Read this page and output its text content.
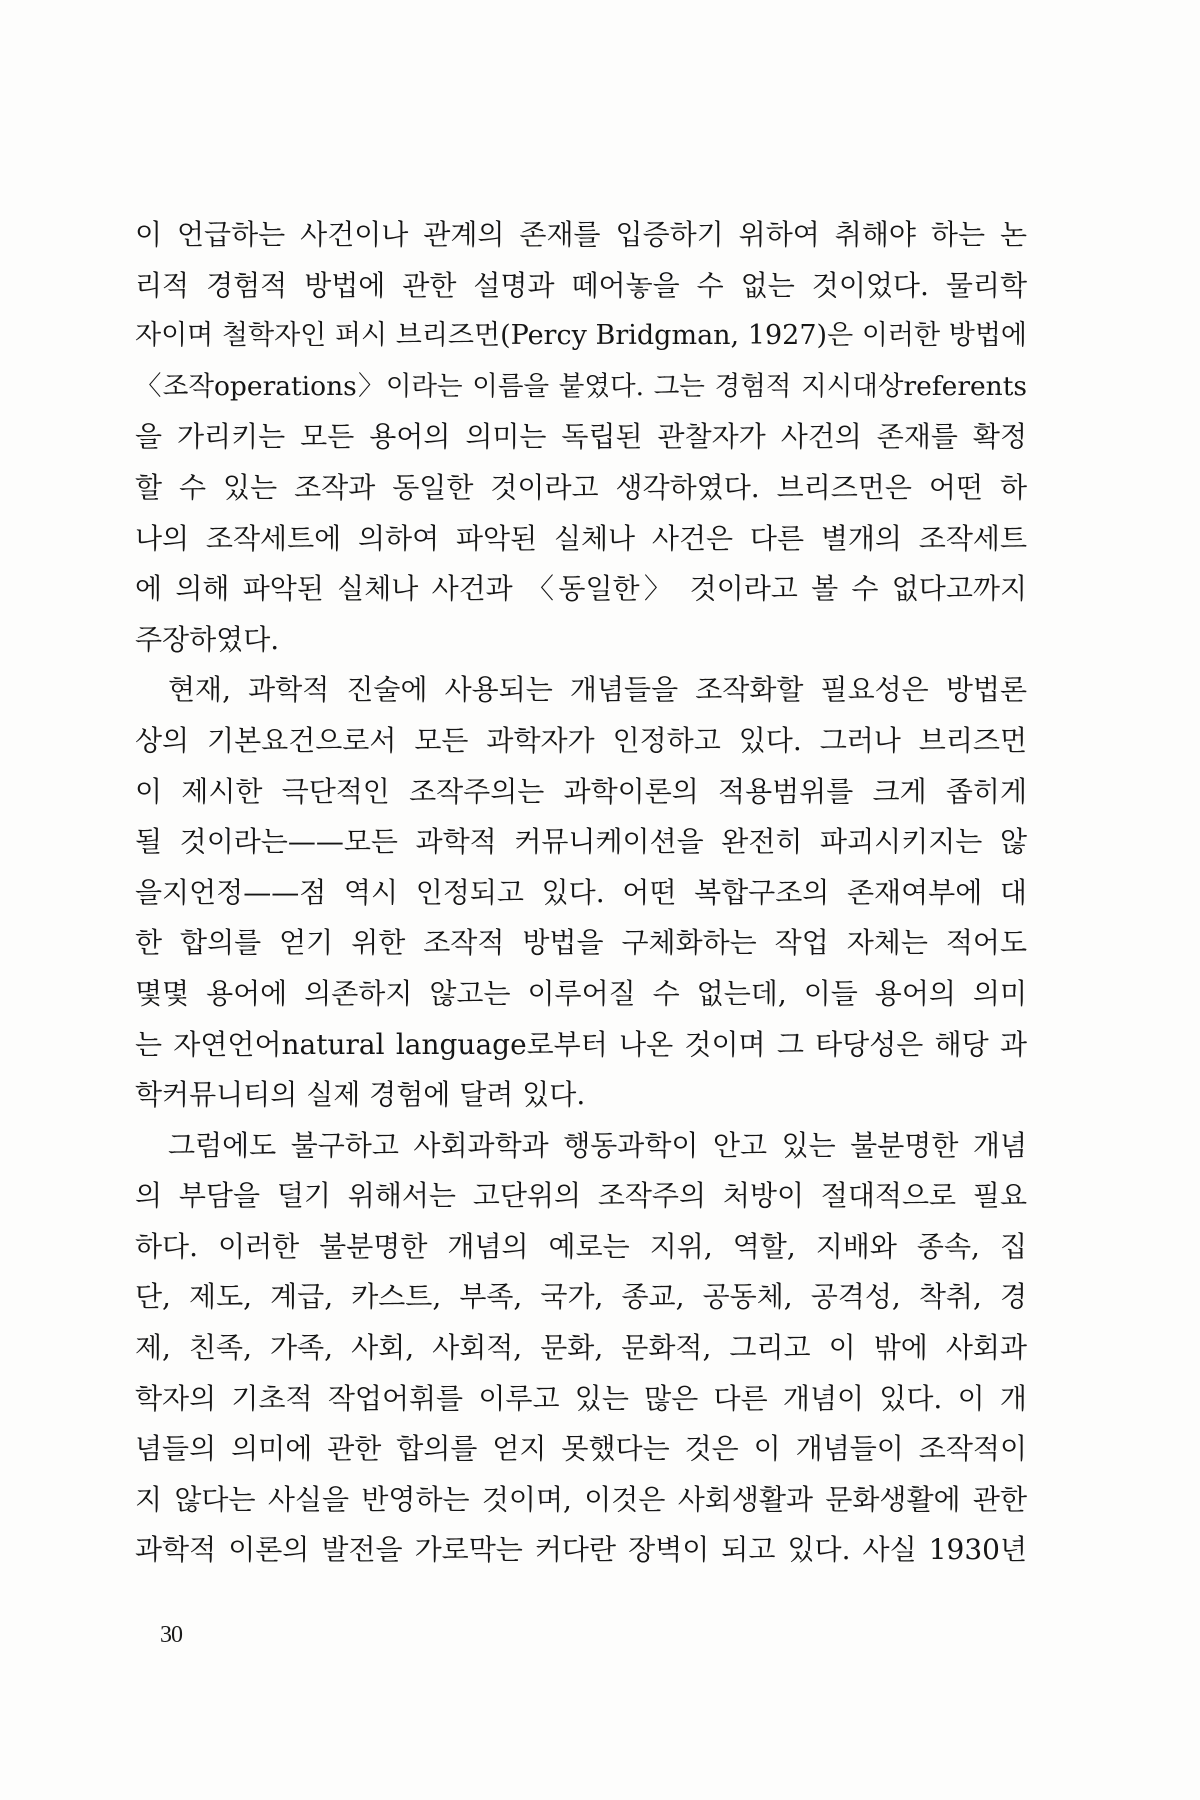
이 언급하는 사건이나 관계의 존재를 입증하기 위하여 취해야 하는 논
리적 경험적 방법에 관한 설명과 떼어놓을 수 없는 것이었다. 물리학
자이며 철학자인 퍼시 브리즈먼(Percy Bridgman, 1927)은 이러한 방법에
〈조작operations〉이라는 이름을 붙였다. 그는 경험적 지시대상referents
을 가리키는 모든 용어의 의미는 독립된 관찰자가 사건의 존재를 확정
할 수 있는 조작과 동일한 것이라고 생각하였다. 브리즈먼은 어떤 하
나의 조작세트에 의하여 파악된 실체나 사건은 다른 별개의 조작세트
에 의해 파악된 실체나 사건과 〈동일한〉 것이라고 볼 수 없다고까지
주장하였다.
현재, 과학적 진술에 사용되는 개념들을 조작화할 필요성은 방법론
상의 기본요건으로서 모든 과학자가 인정하고 있다. 그러나 브리즈먼
이 제시한 극단적인 조작주의는 과학이론의 적용범위를 크게 좁히게
될 것이라는——모든 과학적 커뮤니케이션을 완전히 파괴시키지는 않
을지언정——점 역시 인정되고 있다. 어떤 복합구조의 존재여부에 대
한 합의를 얻기 위한 조작적 방법을 구체화하는 작업 자체는 적어도
몇몇 용어에 의존하지 않고는 이루어질 수 없는데, 이들 용어의 의미
는 자연언어natural language로부터 나온 것이며 그 타당성은 해당 과
학커뮤니티의 실제 경험에 달려 있다.
그럼에도 불구하고 사회과학과 행동과학이 안고 있는 불분명한 개념
의 부담을 덜기 위해서는 고단위의 조작주의 처방이 절대적으로 필요
하다. 이러한 불분명한 개념의 예로는 지위, 역할, 지배와 종속, 집
단, 제도, 계급, 카스트, 부족, 국가, 종교, 공동체, 공격성, 착취, 경
제, 친족, 가족, 사회, 사회적, 문화, 문화적, 그리고 이 밖에 사회과
학자의 기초적 작업어휘를 이루고 있는 많은 다른 개념이 있다. 이 개
념들의 의미에 관한 합의를 얻지 못했다는 것은 이 개념들이 조작적이
지 않다는 사실을 반영하는 것이며, 이것은 사회생활과 문화생활에 관한
과학적 이론의 발전을 가로막는 커다란 장벽이 되고 있다. 사실 1930년
30
